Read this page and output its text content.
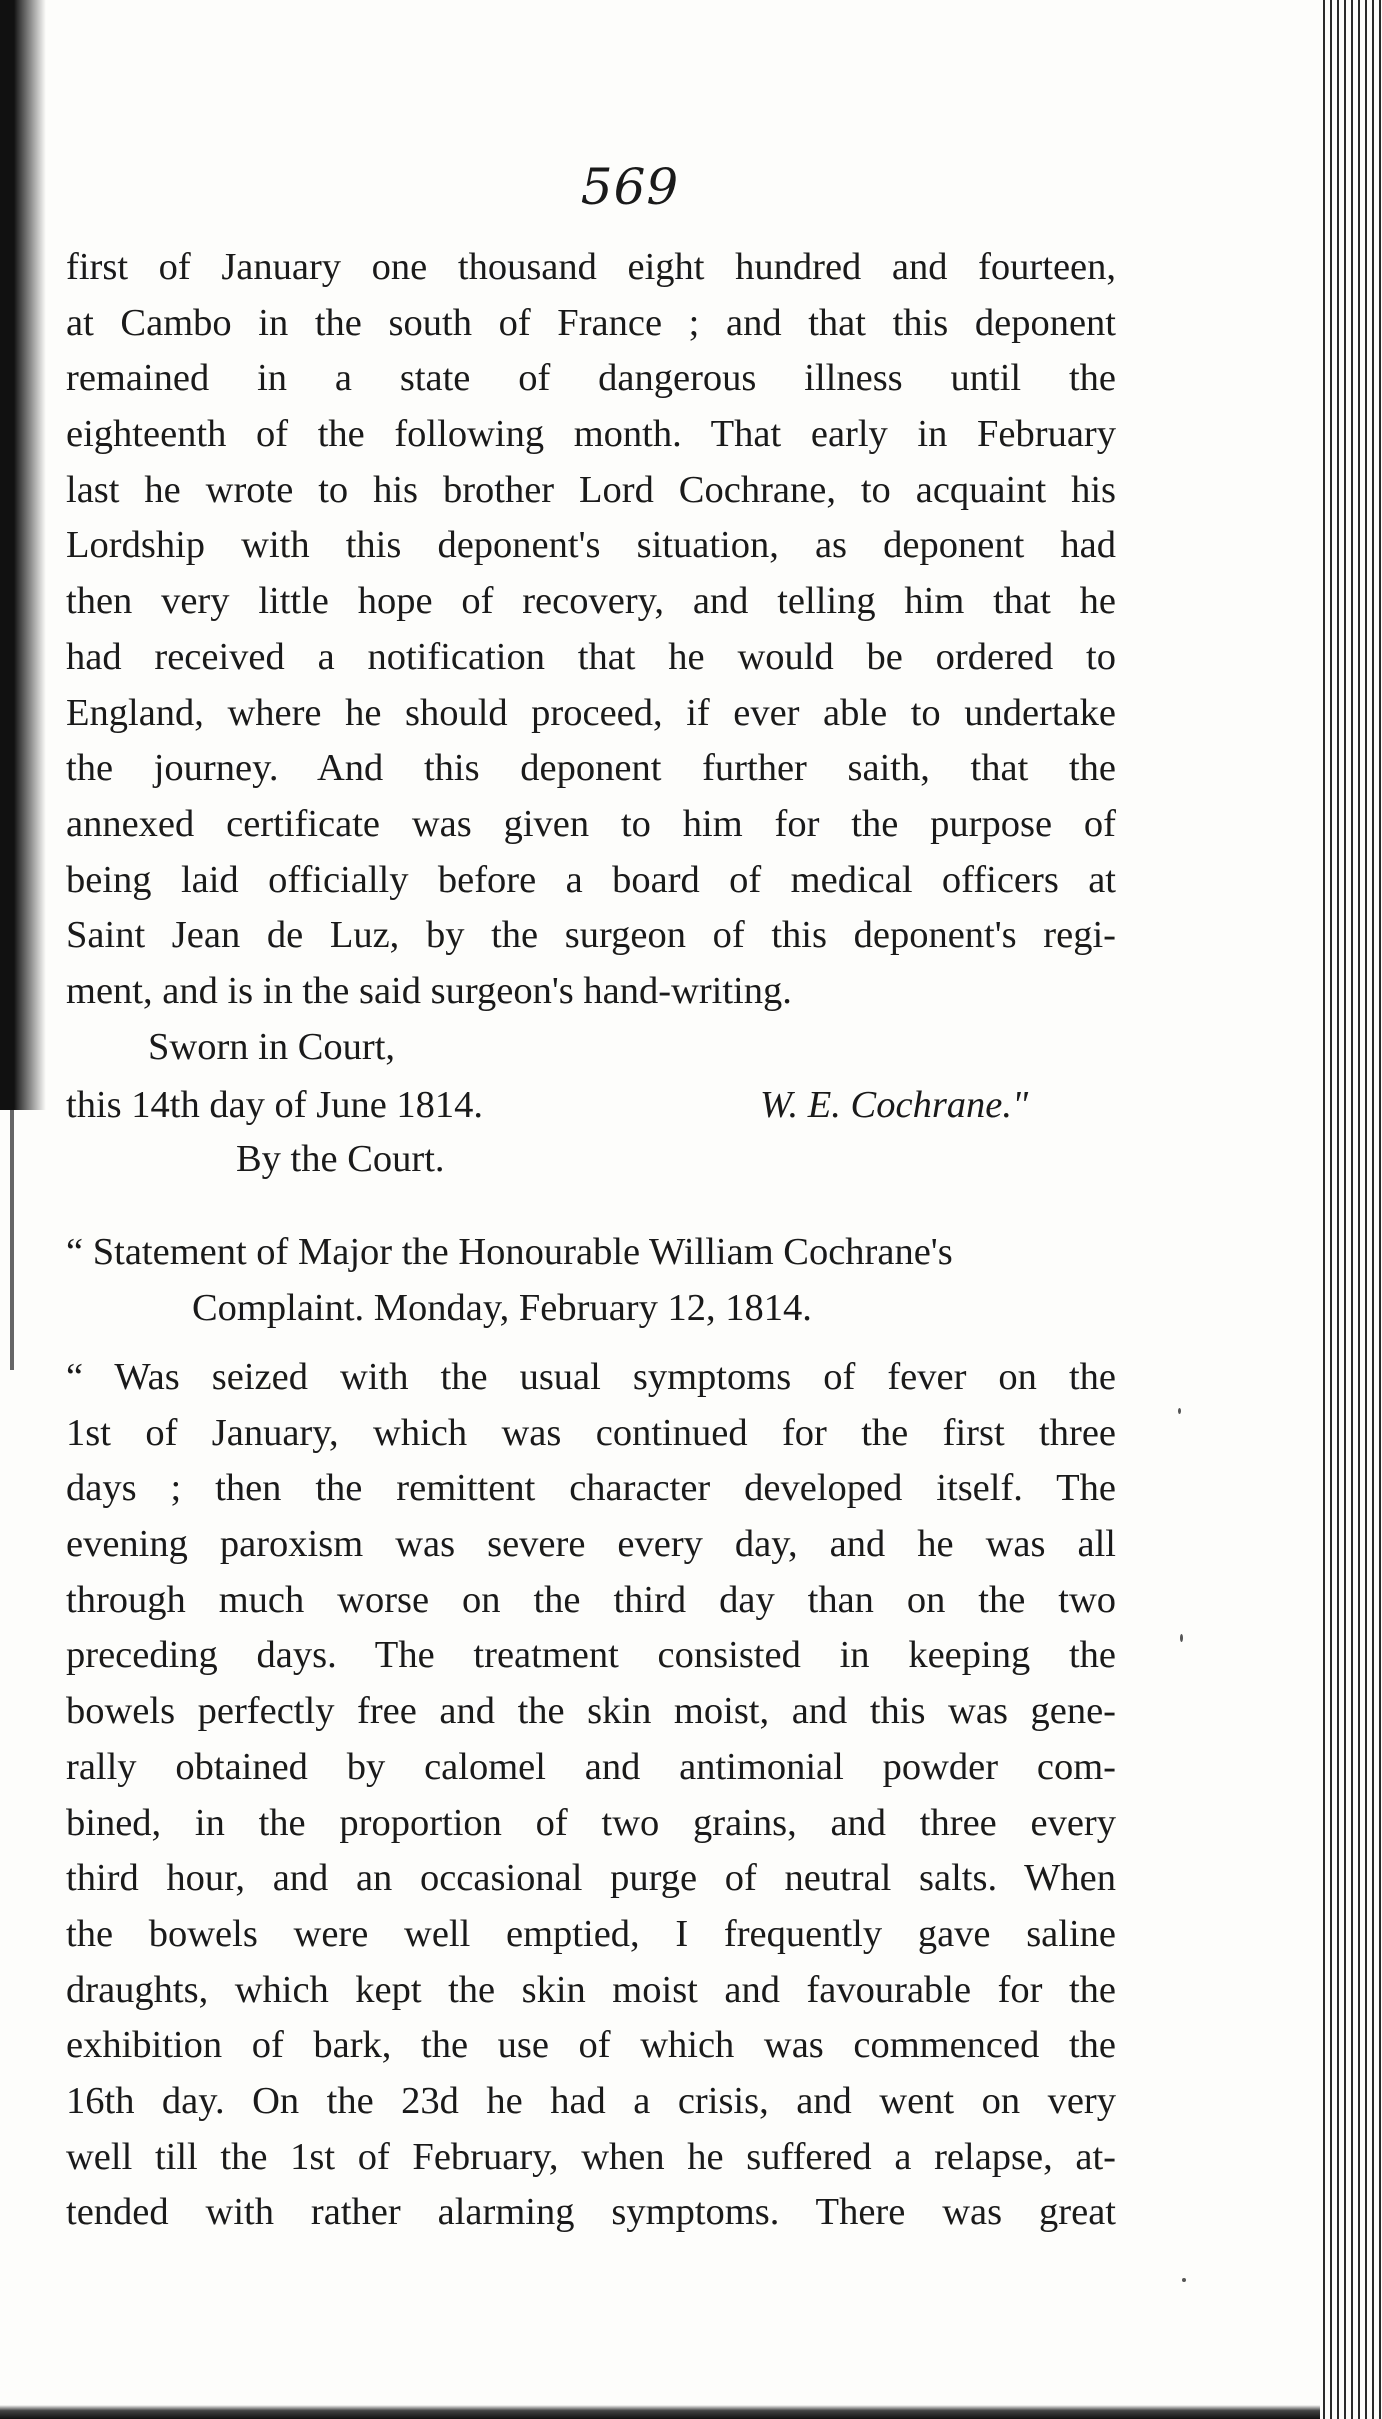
569
first of January one thousand eight hundred and fourteen,
at Cambo in the south of France ; and that this deponent
remained in a state of dangerous illness until the
eighteenth of the following month. That early in February
last he wrote to his brother Lord Cochrane, to acquaint his
Lordship with this deponent's situation, as deponent had
then very little hope of recovery, and telling him that he
had received a notification that he would be ordered to
England, where he should proceed, if ever able to undertake
the journey. And this deponent further saith, that the
annexed certificate was given to him for the purpose of
being laid officially before a board of medical officers at
Saint Jean de Luz, by the surgeon of this deponent's regi-
ment, and is in the said surgeon's hand-writing.
Sworn in Court,
this 14th day of June 1814.	W. E. Cochrane."
By the Court.
“ Statement of Major the Honourable William Cochrane's
Complaint. Monday, February 12, 1814.
“ Was seized with the usual symptoms of fever on the
1st of January, which was continued for the first three
days ; then the remittent character developed itself. The
evening paroxism was severe every day, and he was all
through much worse on the third day than on the two
preceding days. The treatment consisted in keeping the
bowels perfectly free and the skin moist, and this was gene-
rally obtained by calomel and antimonial powder com-
bined, in the proportion of two grains, and three every
third hour, and an occasional purge of neutral salts. When
the bowels were well emptied, I frequently gave saline
draughts, which kept the skin moist and favourable for the
exhibition of bark, the use of which was commenced the
16th day. On the 23d he had a crisis, and went on very
well till the 1st of February, when he suffered a relapse, at-
tended with rather alarming symptoms. There was great
